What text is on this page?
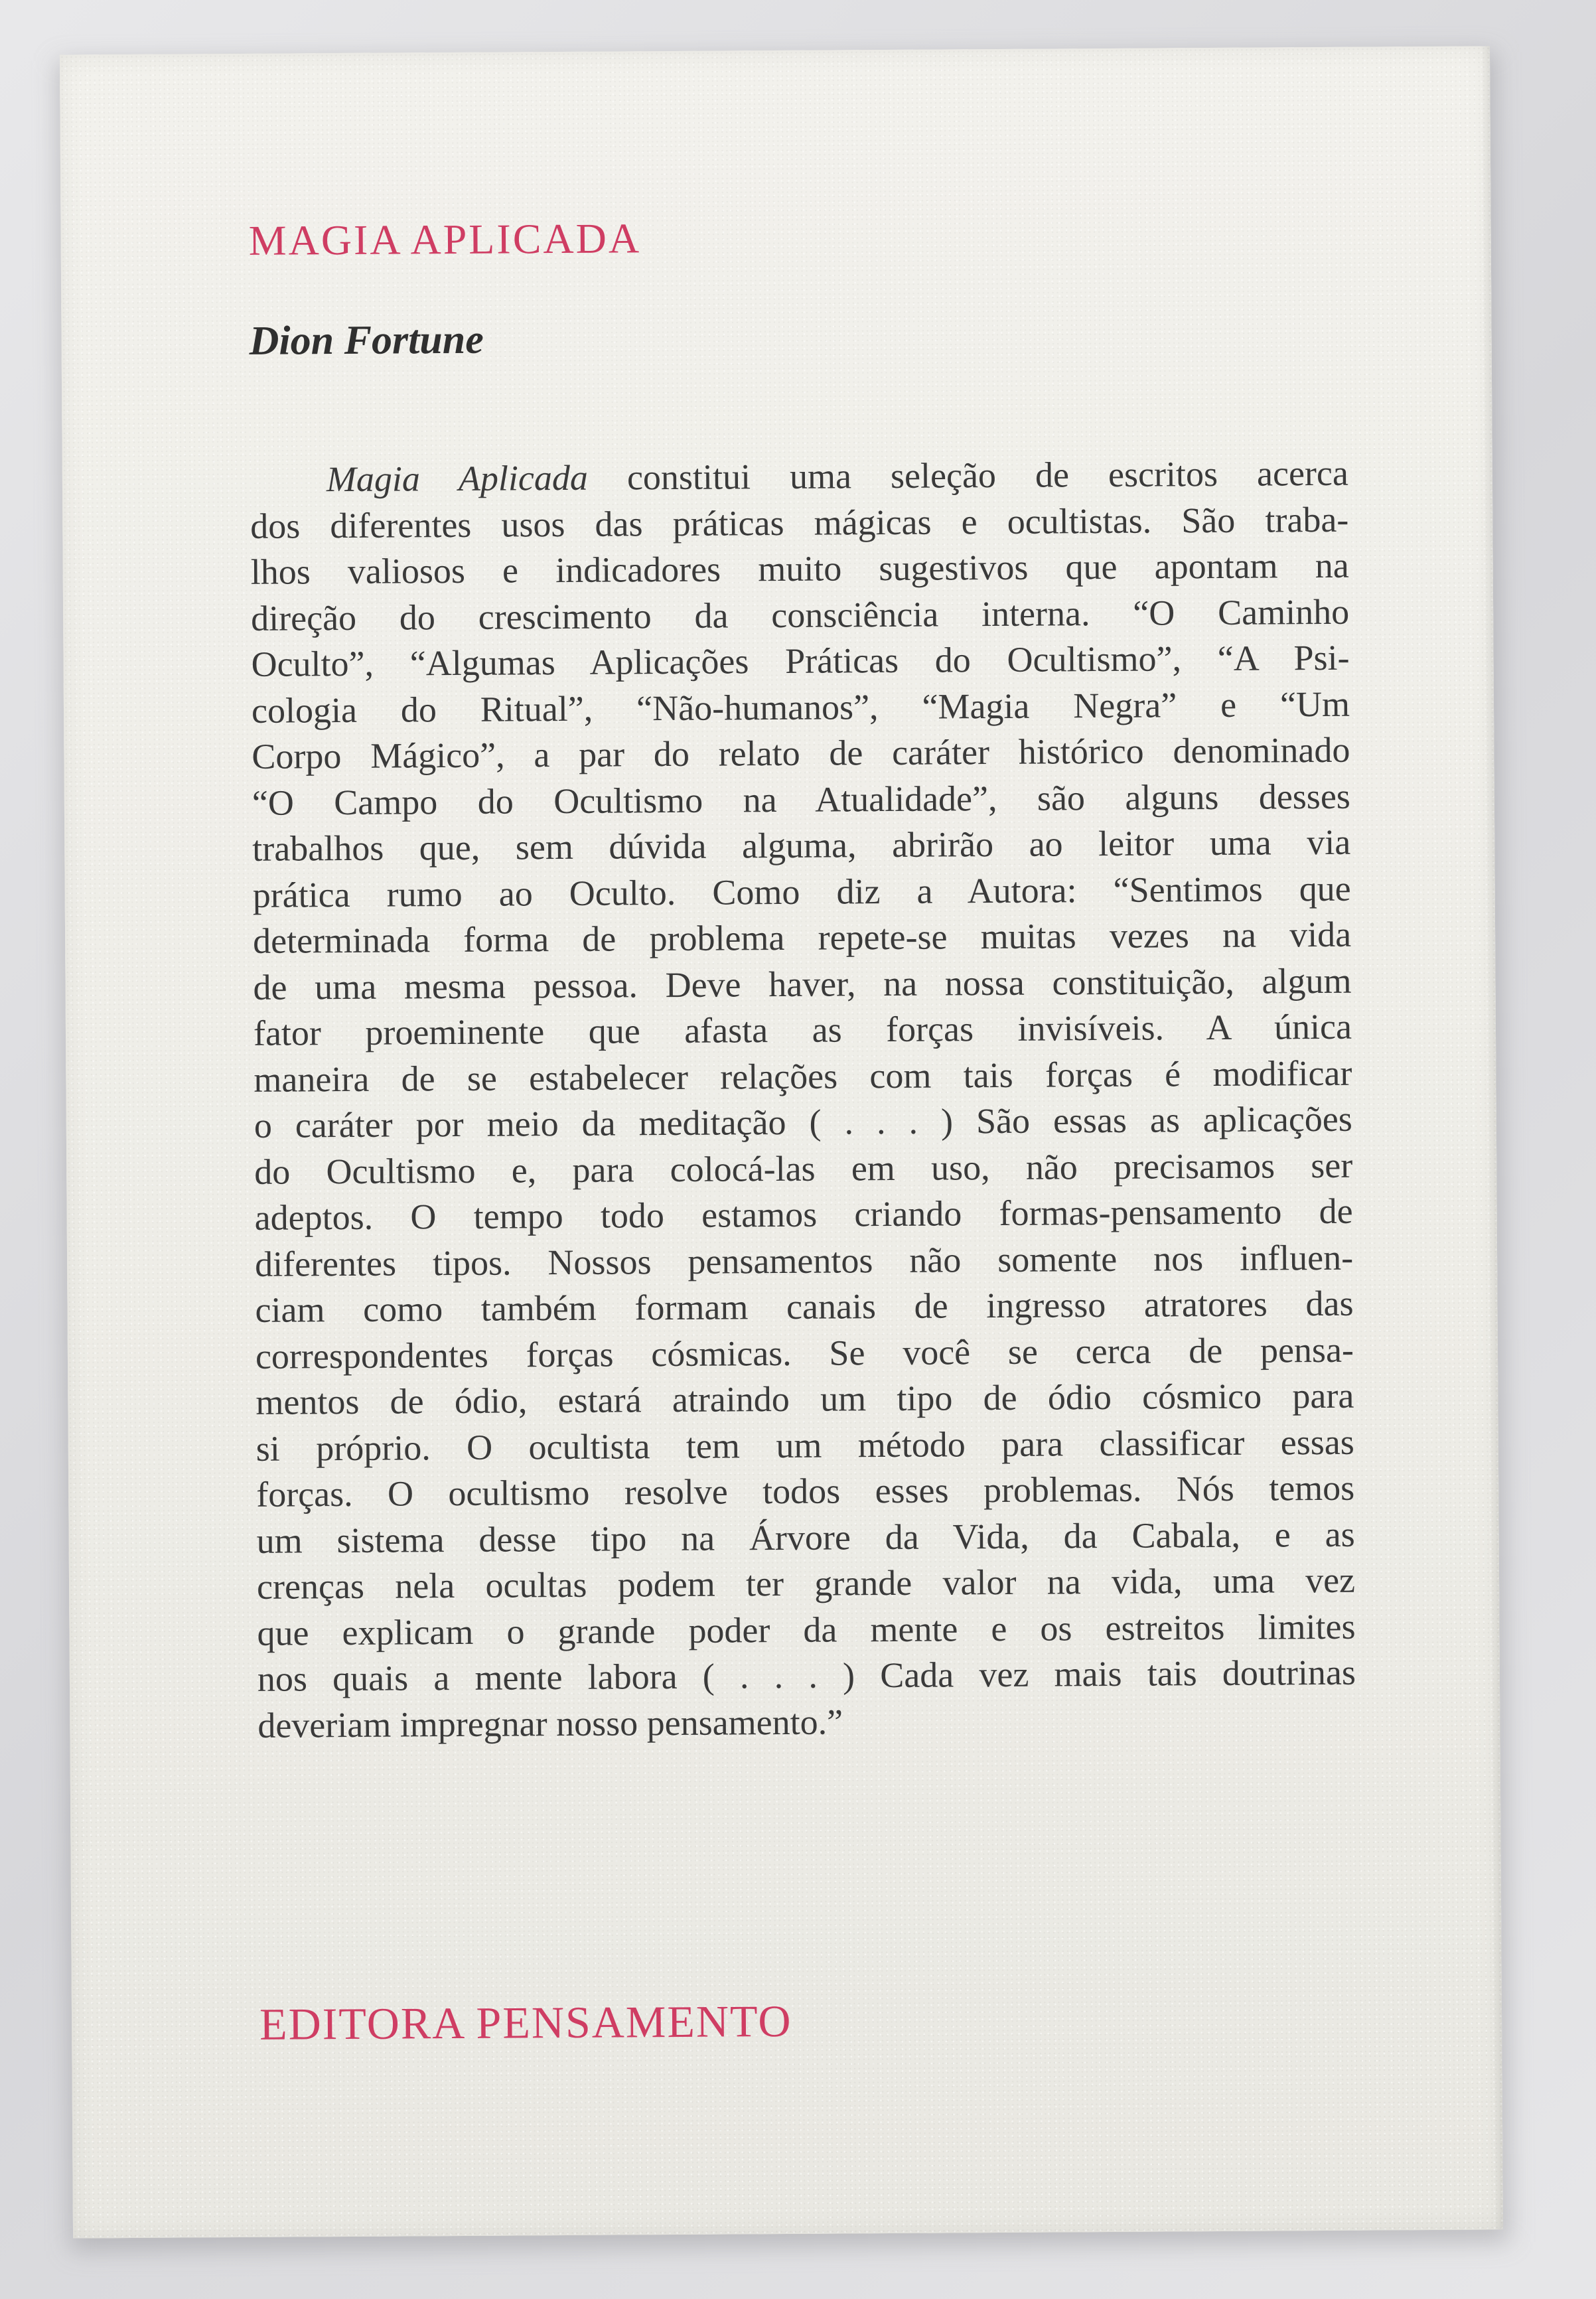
MAGIA APLICADA
Dion Fortune
Magia Aplicada constitui uma seleção de escritos acerca
dos diferentes usos das práticas mágicas e ocultistas. São traba-
lhos valiosos e indicadores muito sugestivos que apontam na
direção do crescimento da consciência interna. “O Caminho
Oculto”, “Algumas Aplicações Práticas do Ocultismo”, “A Psi-
cologia do Ritual”, “Não-humanos”, “Magia Negra” e “Um
Corpo Mágico”, a par do relato de caráter histórico denominado
“O Campo do Ocultismo na Atualidade”, são alguns desses
trabalhos que, sem dúvida alguma, abrirão ao leitor uma via
prática rumo ao Oculto. Como diz a Autora: “Sentimos que
determinada forma de problema repete-se muitas vezes na vida
de uma mesma pessoa. Deve haver, na nossa constituição, algum
fator proeminente que afasta as forças invisíveis. A única
maneira de se estabelecer relações com tais forças é modificar
o caráter por meio da meditação ( . . . ) São essas as aplicações
do Ocultismo e, para colocá-las em uso, não precisamos ser
adeptos. O tempo todo estamos criando formas-pensamento de
diferentes tipos. Nossos pensamentos não somente nos influen-
ciam como também formam canais de ingresso atratores das
correspondentes forças cósmicas. Se você se cerca de pensa-
mentos de ódio, estará atraindo um tipo de ódio cósmico para
si próprio. O ocultista tem um método para classificar essas
forças. O ocultismo resolve todos esses problemas. Nós temos
um sistema desse tipo na Árvore da Vida, da Cabala, e as
crenças nela ocultas podem ter grande valor na vida, uma vez
que explicam o grande poder da mente e os estreitos limites
nos quais a mente labora ( . . . ) Cada vez mais tais doutrinas
deveriam impregnar nosso pensamento.”
EDITORA PENSAMENTO
